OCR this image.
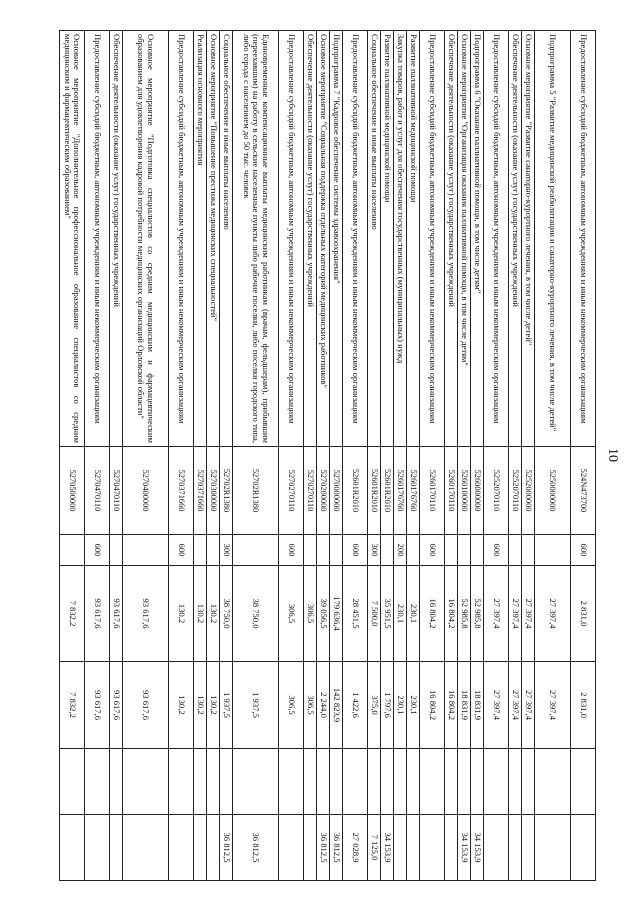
10
Предоставление субсидий бюджетным, автономным учреждениям и иным некоммерческим организациям	524N473700	600	2 831,0	2 831,0		
Подпрограмма 5 "Развитие медицинской реабилитации и санаторно-курортного лечения, в том числе детей"	5250000000		27 397,4	27 397,4		
Основное мероприятие "Развитие санаторно-курортного лечения, в том числе детей"	5252000000		27 397,4	27 397,4		
Обеспечение деятельности (оказание услуг) государственных учреждений	5252070110		27 397,4	27 397,4		
Предоставление субсидий бюджетным, автономным учреждениям и иным некоммерческим организациям	5252070110	600	27 397,4	27 397,4		
Подпрограмма 6 "Оказание паллиативной помощи, в том числе детям"	5260000000		52 985,8	18 831,9		34 153,9
Основное мероприятие "Организация оказания паллиативной помощи, в том числе детям"	5260100000		52 985,8	18 831,9		34 153,9
Обеспечение деятельности (оказание услуг) государственных учреждений	5260170110		16 804,2	16 804,2		
Предоставление субсидий бюджетным, автономным учреждениям и иным некоммерческим организациям	5260170110	600	16 804,2	16 804,2		
Развитие паллиативной медицинской помощи	5260176760		230,1	230,1		
Закупка товаров, работ и услуг для обеспечения государственных (муниципальных) нужд	5260176760	200	230,1	230,1		
Развитие паллиативной медицинской помощи	52601R2010		35 951,5	1 797,6		34 153,9
Социальное обеспечение и иные выплаты населению	52601R2010	300	7 500,0	375,0		7 125,0
Предоставление субсидий бюджетным, автономным учреждениям и иным некоммерческим организациям	52601R2010	600	28 451,5	1 422,6		27 028,9
Подпрограмма 7 "Кадровое обеспечение системы здравоохранения"	5270000000		179 636,4	142 823,9		36 812,5
Основное мероприятие "Социальная поддержка отдельных категорий медицинских работников"	5270200000		39 056,5	2 244,0		36 812,5
Обеспечение деятельности (оказание услуг) государственных учреждений	5270270110		306,5	306,5		
Предоставление субсидий бюджетным, автономным учреждениям и иным некоммерческим организациям	5270270110	600	306,5	306,5		
Единовременные компенсационные выплаты медицинским работникам (врачам, фельдшерам), прибывшим (переехавшим) на работу в сельские населенные пункты либо рабочие поселки, либо поселки городского типа, либо города с населением до 50 тыс. человек	52702R1380		38 750,0	1 937,5		36 812,5
Социальное обеспечение и иные выплаты населению	52702R1380	300	38 750,0	1 937,5		36 812,5
Основное мероприятие "Повышение престижа медицинских специальностей"	5270300000		130,2	130,2		
Реализация основного мероприятия	5270371660		130,2	130,2		
Предоставление субсидий бюджетным, автономным учреждениям и иным некоммерческим организациям	5270371660	600	130,2	130,2		
Основное мероприятие "Подготовка специалистов со средним медицинским и фармацевтическим образованием для удовлетворения кадровой потребности медицинских организаций Орловской области"	5270400000		93 617,6	93 617,6		
Обеспечение деятельности (оказание услуг) государственных учреждений	5270470110		93 617,6	93 617,6		
Предоставление субсидий бюджетным, автономным учреждениям и иным некоммерческим организациям	5270470110	600	93 617,6	93 617,6		
Основное мероприятие "Дополнительное профессиональное образование специалистов со средним медицинским и фармацевтическим образованием"	5270500000		7 832,2	7 832,2		
